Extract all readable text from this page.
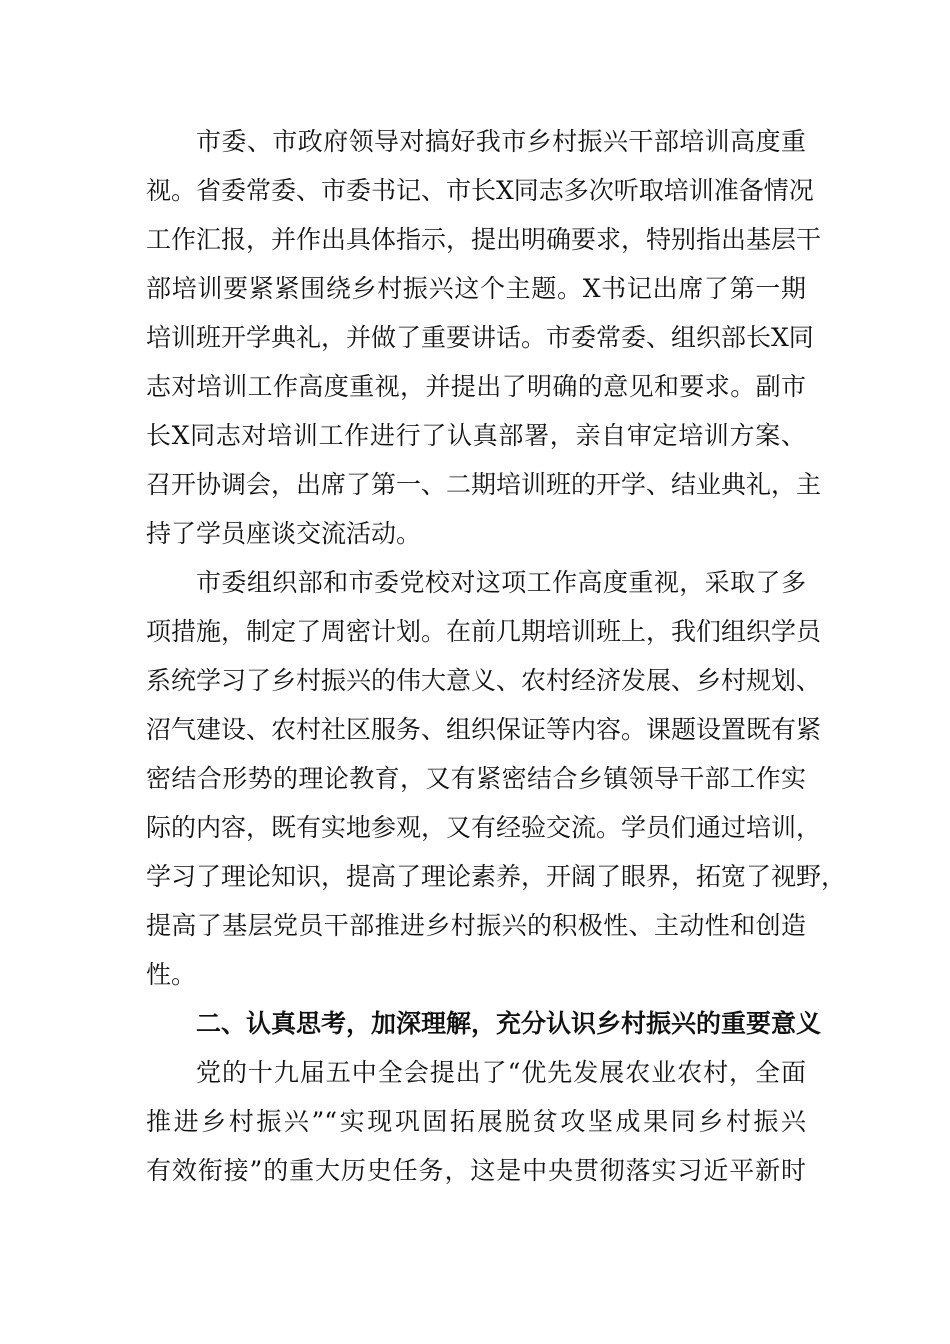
市委、市政府领导对搞好我市乡村振兴干部培训高度重
视。省委常委、市委书记、市长X同志多次听取培训准备情况
工作汇报，并作出具体指示，提出明确要求，特别指出基层干
部培训要紧紧围绕乡村振兴这个主题。X书记出席了第一期
培训班开学典礼，并做了重要讲话。市委常委、组织部长X同
志对培训工作高度重视，并提出了明确的意见和要求。副市
长X同志对培训工作进行了认真部署，亲自审定培训方案、
召开协调会，出席了第一、二期培训班的开学、结业典礼，主
持了学员座谈交流活动。
市委组织部和市委党校对这项工作高度重视，采取了多
项措施，制定了周密计划。在前几期培训班上，我们组织学员
系统学习了乡村振兴的伟大意义、农村经济发展、乡村规划、
沼气建设、农村社区服务、组织保证等内容。课题设置既有紧
密结合形势的理论教育，又有紧密结合乡镇领导干部工作实
际的内容，既有实地参观，又有经验交流。学员们通过培训，
学习了理论知识，提高了理论素养，开阔了眼界，拓宽了视野，
提高了基层党员干部推进乡村振兴的积极性、主动性和创造
性。
二、认真思考，加深理解，充分认识乡村振兴的重要意义
党的十九届五中全会提出了“优先发展农业农村，全面
推进乡村振兴”“实现巩固拓展脱贫攻坚成果同乡村振兴
有效衔接”的重大历史任务，这是中央贯彻落实习近平新时
